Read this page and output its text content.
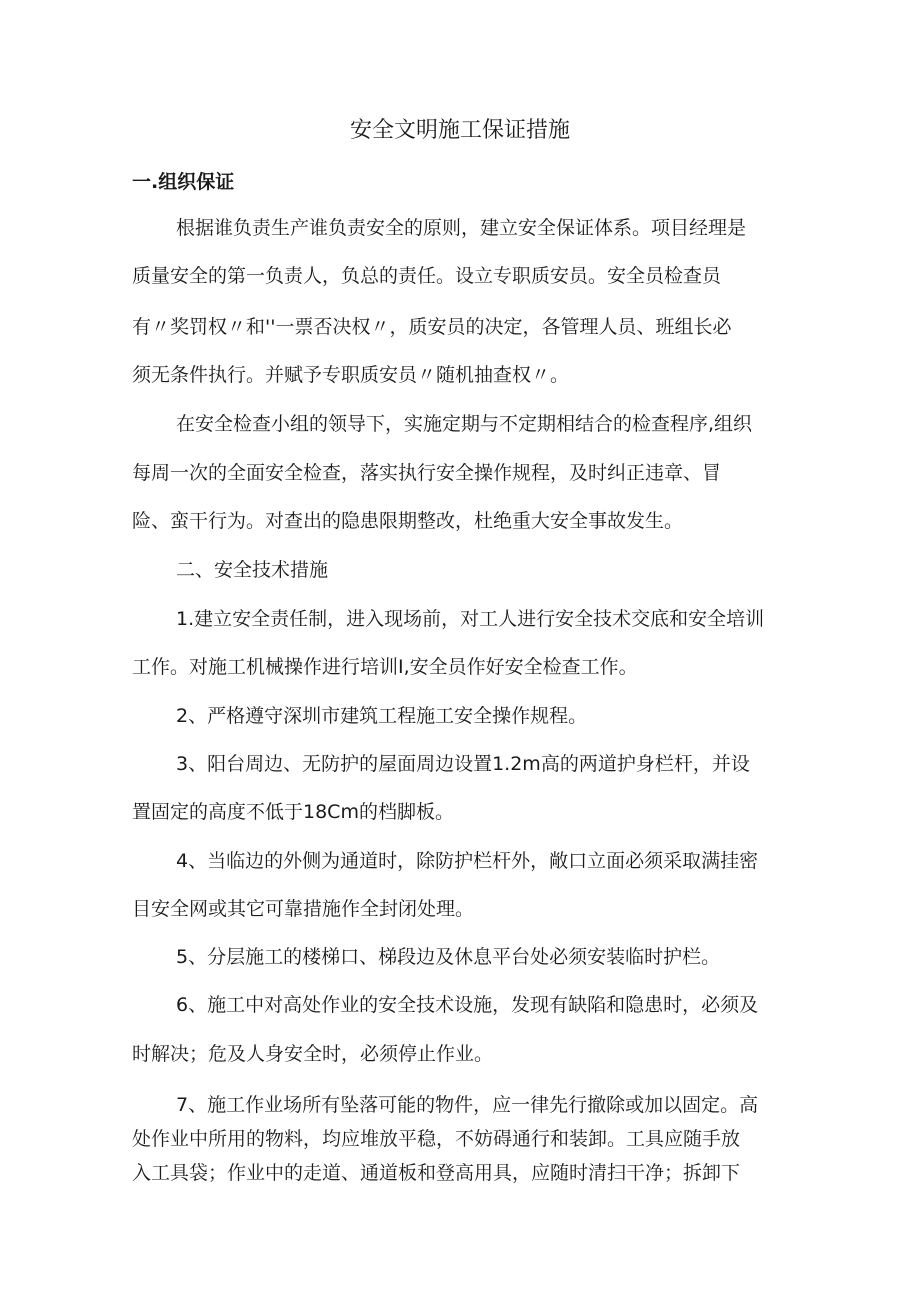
安全文明施工保证措施
一.组织保证

根据谁负责生产谁负责安全的原则，建立安全保证体系。项目经理是

质量安全的第一负责人，负总的责任。设立专职质安员。安全员检查员

有〃奖罚权〃和''一票否决权〃，质安员的决定，各管理人员、班组长必

须无条件执行。并赋予专职质安员〃随机抽查权〃。

在安全检查小组的领导下，实施定期与不定期相结合的检查程序,组织

每周一次的全面安全检查，落实执行安全操作规程，及时纠正违章、冒

险、蛮干行为。对查出的隐患限期整改，杜绝重大安全事故发生。

二、安全技术措施

1.建立安全责任制，进入现场前，对工人进行安全技术交底和安全培训

工作。对施工机械操作进行培训I,安全员作好安全检查工作。

2、严格遵守深圳市建筑工程施工安全操作规程。

3、阳台周边、无防护的屋面周边设置1.2m高的两道护身栏杆，并设

置固定的高度不低于18Cm的档脚板。

4、当临边的外侧为通道时，除防护栏杆外，敞口立面必须采取满挂密

目安全网或其它可靠措施作全封闭处理。

5、分层施工的楼梯口、梯段边及休息平台处必须安装临时护栏。

6、施工中对高处作业的安全技术设施，发现有缺陷和隐患时，必须及

时解决；危及人身安全时，必须停止作业。

7、施工作业场所有坠落可能的物件，应一律先行撤除或加以固定。高

处作业中所用的物料，均应堆放平稳，不妨碍通行和装卸。工具应随手放

入工具袋；作业中的走道、通道板和登高用具，应随时清扫干净；拆卸下
